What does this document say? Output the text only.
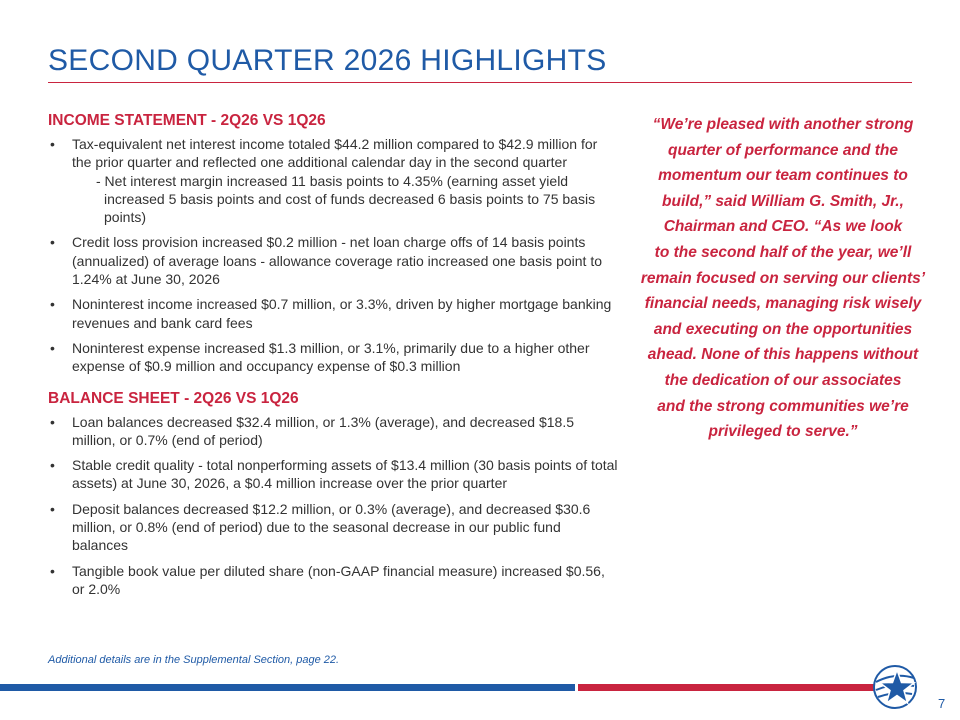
SECOND QUARTER 2026 HIGHLIGHTS
INCOME STATEMENT - 2Q26 VS 1Q26
• Tax-equivalent net interest income totaled $44.2 million compared to $42.9 million for the prior quarter and reflected one additional calendar day in the second quarter
- Net interest margin increased 11 basis points to 4.35% (earning asset yield increased 5 basis points and cost of funds decreased 6 basis points to 75 basis points)
• Credit loss provision increased $0.2 million - net loan charge offs of 14 basis points (annualized) of average loans - allowance coverage ratio increased one basis point to 1.24% at June 30, 2026
• Noninterest income increased $0.7 million, or 3.3%, driven by higher mortgage banking revenues and bank card fees
• Noninterest expense increased $1.3 million, or 3.1%, primarily due to a higher other expense of $0.9 million and occupancy expense of $0.3 million
BALANCE SHEET - 2Q26 VS 1Q26
• Loan balances decreased $32.4 million, or 1.3% (average), and decreased $18.5 million, or 0.7% (end of period)
• Stable credit quality - total nonperforming assets of $13.4 million (30 basis points of total assets) at June 30, 2026, a $0.4 million increase over the prior quarter
• Deposit balances decreased $12.2 million, or 0.3% (average), and decreased $30.6 million, or 0.8% (end of period) due to the seasonal decrease in our public fund balances
• Tangible book value per diluted share (non-GAAP financial measure) increased $0.56, or 2.0%

“We’re pleased with another strong
quarter of performance and the
momentum our team continues to
build,” said William G. Smith, Jr.,
Chairman and CEO. “As we look
to the second half of the year, we’ll
remain focused on serving our clients’
financial needs, managing risk wisely
and executing on the opportunities
ahead. None of this happens without
the dedication of our associates
and the strong communities we’re
privileged to serve.”

Additional details are in the Supplemental Section, page 22.
7
